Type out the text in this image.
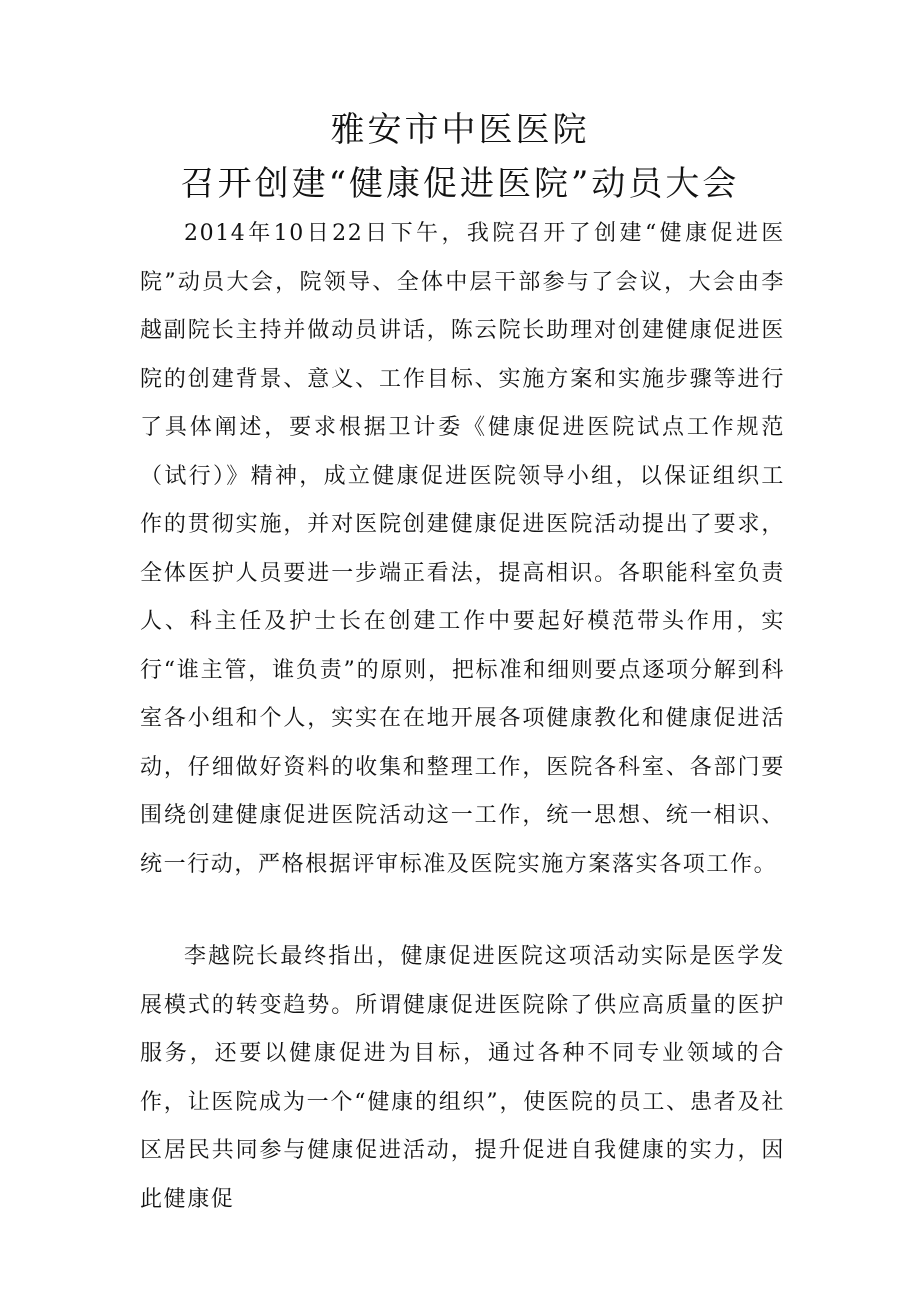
雅安市中医医院
召开创建“健康促进医院”动员大会

2014年10日22日下午，我院召开了创建“健康促进医院”动员大会，院领导、全体中层干部参与了会议，大会由李越副院长主持并做动员讲话，陈云院长助理对创建健康促进医院的创建背景、意义、工作目标、实施方案和实施步骤等进行了具体阐述，要求根据卫计委《健康促进医院试点工作规范（试行）》精神，成立健康促进医院领导小组，以保证组织工作的贯彻实施，并对医院创建健康促进医院活动提出了要求，全体医护人员要进一步端正看法，提高相识。各职能科室负责人、科主任及护士长在创建工作中要起好模范带头作用，实行“谁主管，谁负责”的原则，把标准和细则要点逐项分解到科室各小组和个人，实实在在地开展各项健康教化和健康促进活动，仔细做好资料的收集和整理工作，医院各科室、各部门要围绕创建健康促进医院活动这一工作，统一思想、统一相识、统一行动，严格根据评审标准及医院实施方案落实各项工作。

李越院长最终指出，健康促进医院这项活动实际是医学发展模式的转变趋势。所谓健康促进医院除了供应高质量的医护服务，还要以健康促进为目标，通过各种不同专业领域的合作，让医院成为一个“健康的组织”，使医院的员工、患者及社区居民共同参与健康促进活动，提升促进自我健康的实力，因此健康促
